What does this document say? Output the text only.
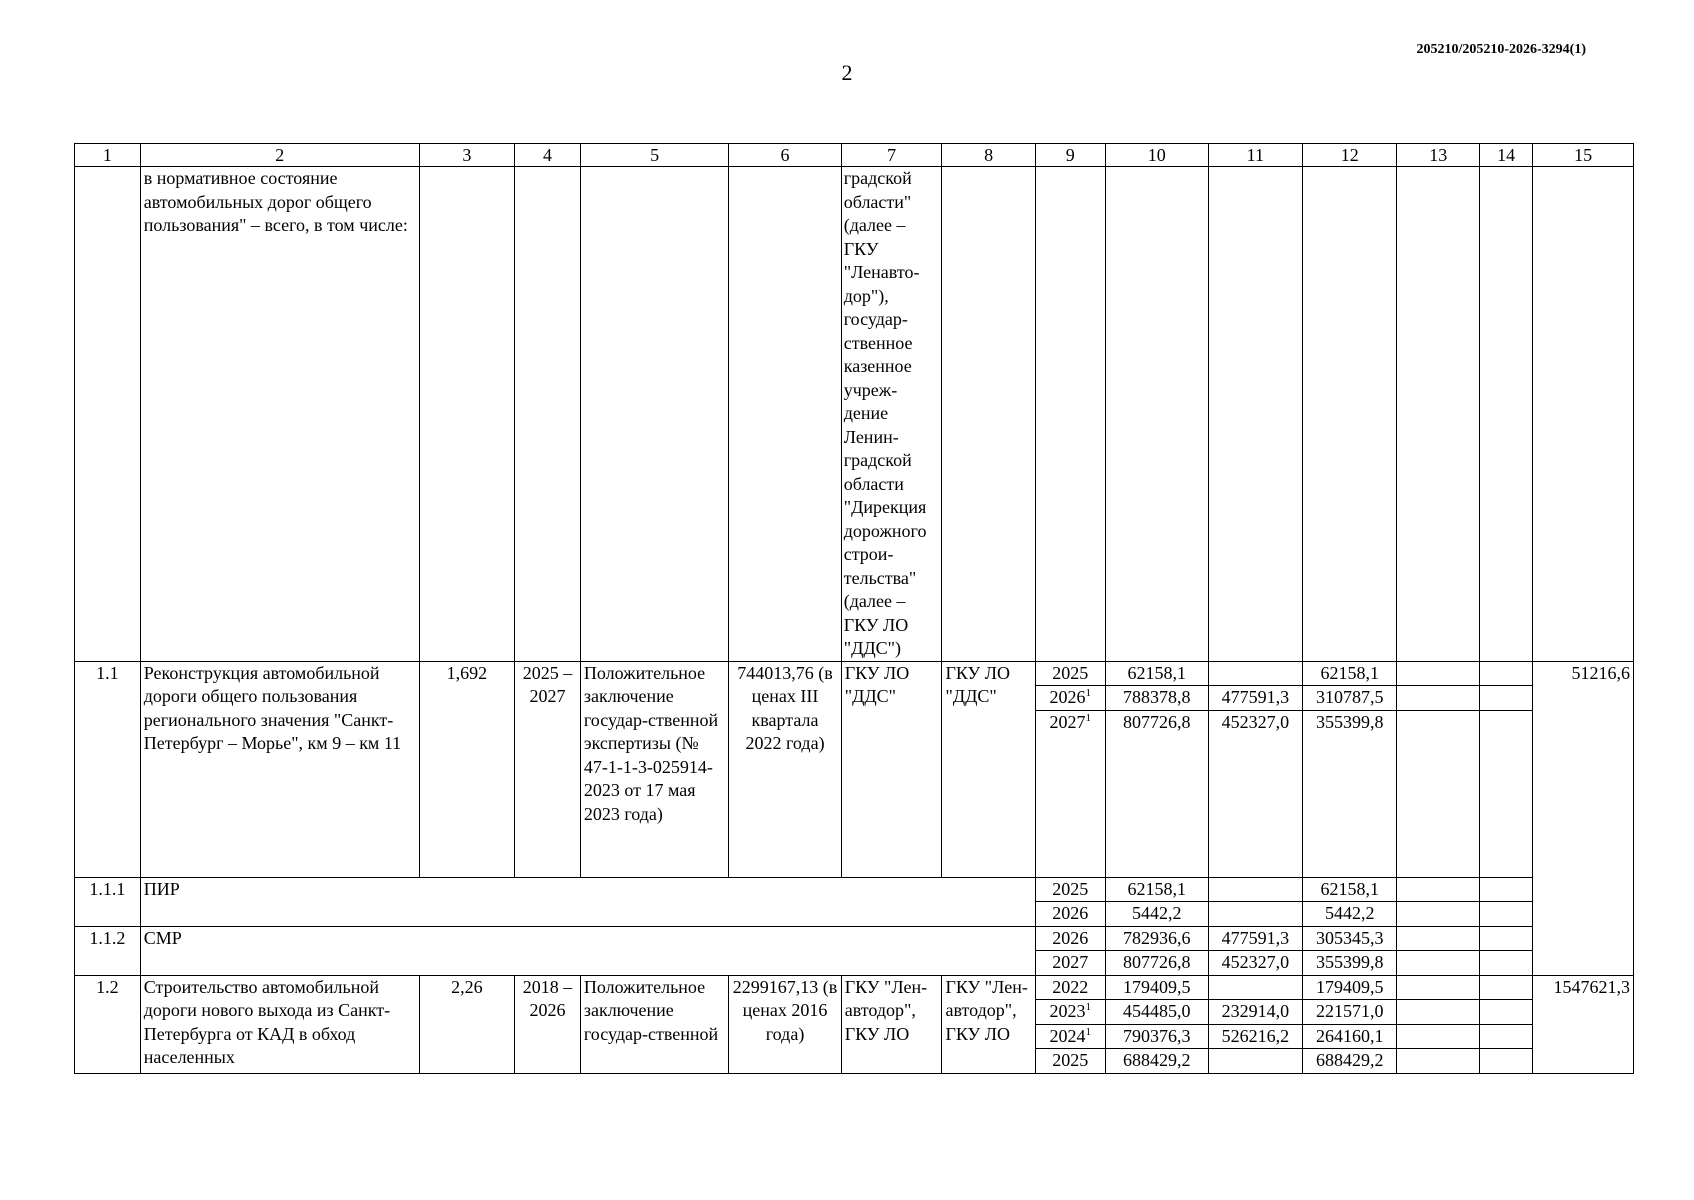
205210/205210-2026-3294(1)
2
1	2	3	4	5	6	7	8	9	10	11	12	13	14	15
	в нормативное состояние автомобильных дорог общего пользования" – всего, в том числе:					градской области" (далее – ГКУ "Ленавто-дор"), государ-ственное казенное учреж-дение Ленин-градской области "Дирекция дорожного строи-тельства" (далее – ГКУ ЛО "ДДС")								
1.1	Реконструкция автомобильной дороги общего пользования регионального значения "Санкт-Петербург – Морье", км 9 – км 11	1,692	2025 – 2027	Положительное заключение государ-ственной экспертизы (№ 47-1-1-3-025914-2023 от 17 мая 2023 года)	744013,76 (в ценах III квартала 2022 года)	ГКУ ЛО "ДДС"	ГКУ ЛО "ДДС"	2025	62158,1		62158,1			51216,6
								2026$^1$	788378,8	477591,3	310787,5			
								2027$^1$	807726,8	452327,0	355399,8			
1.1.1	ПИР							2025	62158,1		62158,1			
								2026	5442,2		5442,2			
1.1.2	СМР							2026	782936,6	477591,3	305345,3			
								2027	807726,8	452327,0	355399,8			
1.2	Строительство автомобильной дороги нового выхода из Санкт-Петербурга от КАД в обход населенных	2,26	2018 – 2026	Положительное заключение государ-ственной	2299167,13 (в ценах 2016 года)	ГКУ "Лен-автодор", ГКУ ЛО	ГКУ "Лен-автодор", ГКУ ЛО	2022	179409,5		179409,5			1547621,3
								2023$^1$	454485,0	232914,0	221571,0			
								2024$^1$	790376,3	526216,2	264160,1			
								2025	688429,2		688429,2			
